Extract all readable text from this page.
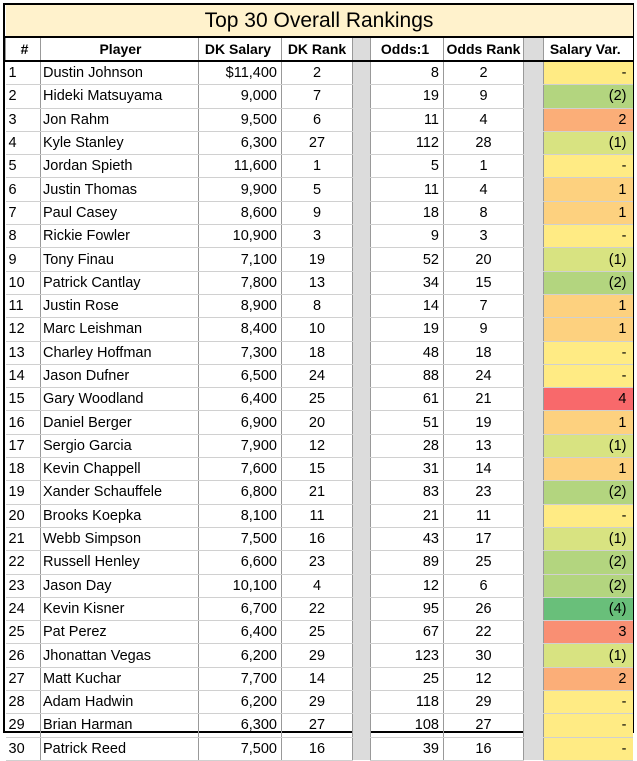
Top 30 Overall Rankings								
#	Player	DK Salary	DK Rank		Odds:1	Odds Rank		Salary Var.
1	Dustin Johnson	$11,400	2		8	2		-
2	Hideki Matsuyama	9,000	7		19	9		(2)
3	Jon Rahm	9,500	6		11	4		2
4	Kyle Stanley	6,300	27		112	28		(1)
5	Jordan Spieth	11,600	1		5	1		-
6	Justin Thomas	9,900	5		11	4		1
7	Paul Casey	8,600	9		18	8		1
8	Rickie Fowler	10,900	3		9	3		-
9	Tony Finau	7,100	19		52	20		(1)
10	Patrick Cantlay	7,800	13		34	15		(2)
11	Justin Rose	8,900	8		14	7		1
12	Marc Leishman	8,400	10		19	9		1
13	Charley Hoffman	7,300	18		48	18		-
14	Jason Dufner	6,500	24		88	24		-
15	Gary Woodland	6,400	25		61	21		4
16	Daniel Berger	6,900	20		51	19		1
17	Sergio Garcia	7,900	12		28	13		(1)
18	Kevin Chappell	7,600	15		31	14		1
19	Xander Schauffele	6,800	21		83	23		(2)
20	Brooks Koepka	8,100	11		21	11		-
21	Webb Simpson	7,500	16		43	17		(1)
22	Russell Henley	6,600	23		89	25		(2)
23	Jason Day	10,100	4		12	6		(2)
24	Kevin Kisner	6,700	22		95	26		(4)
25	Pat Perez	6,400	25		67	22		3
26	Jhonattan Vegas	6,200	29		123	30		(1)
27	Matt Kuchar	7,700	14		25	12		2
28	Adam Hadwin	6,200	29		118	29		-
29	Brian Harman	6,300	27		108	27		-
30	Patrick Reed	7,500	16		39	16		-
